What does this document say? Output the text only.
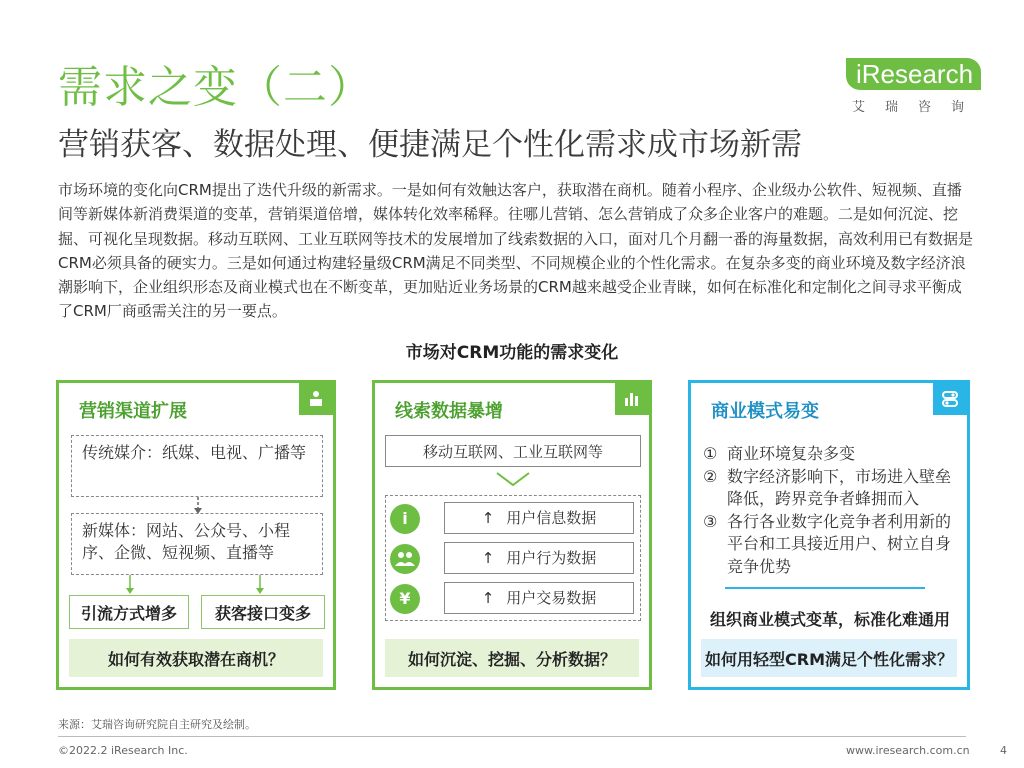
需求之变（二）
营销获客、数据处理、便捷满足个性化需求成市场新需
iResearch
艾瑞咨询
市场环境的变化向CRM提出了迭代升级的新需求。一是如何有效触达客户，获取潜在商机。随着小程序、企业级办公软件、短视频、直播间等新媒体新消费渠道的变革，营销渠道倍增，媒体转化效率稀释。往哪儿营销、怎么营销成了众多企业客户的难题。二是如何沉淀、挖掘、可视化呈现数据。移动互联网、工业互联网等技术的发展增加了线索数据的入口，面对几个月翻一番的海量数据，高效利用已有数据是CRM必须具备的硬实力。三是如何通过构建轻量级CRM满足不同类型、不同规模企业的个性化需求。在复杂多变的商业环境及数字经济浪潮影响下，企业组织形态及商业模式也在不断变革，更加贴近业务场景的CRM越来越受企业青睐，如何在标准化和定制化之间寻求平衡成了CRM厂商亟需关注的另一要点。
市场对CRM功能的需求变化
营销渠道扩展
传统媒介：纸媒、电视、广播等
新媒体：网站、公众号、小程序、企微、短视频、直播等
引流方式增多	获客接口变多
如何有效获取潜在商机？
线索数据暴增
移动互联网、工业互联网等
i	↑ 用户信息数据
↑ 用户行为数据
¥	↑ 用户交易数据
如何沉淀、挖掘、分析数据？
商业模式易变
① 商业环境复杂多变
② 数字经济影响下，市场进入壁垒降低，跨界竞争者蜂拥而入
③ 各行各业数字化竞争者利用新的平台和工具接近用户、树立自身竞争优势
组织商业模式变革，标准化难通用
如何用轻型CRM满足个性化需求？
来源：艾瑞咨询研究院自主研究及绘制。
©2022.2 iResearch Inc.	www.iresearch.com.cn	4
